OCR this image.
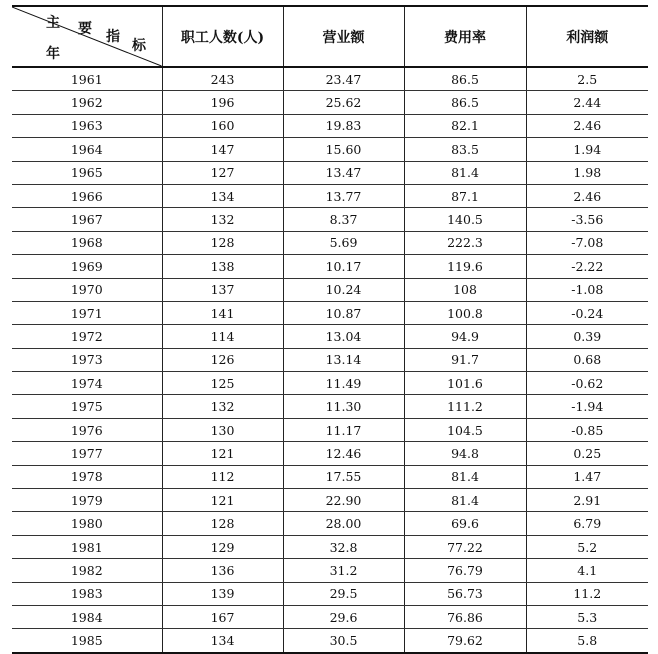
主 要 指
标
年	职工人数(人)	营业额	费用率	利润额
1961	243	23.47	86.5	2.5
1962	196	25.62	86.5	2.44
1963	160	19.83	82.1	2.46
1964	147	15.60	83.5	1.94
1965	127	13.47	81.4	1.98
1966	134	13.77	87.1	2.46
1967	132	8.37	140.5	-3.56
1968	128	5.69	222.3	-7.08
1969	138	10.17	119.6	-2.22
1970	137	10.24	108	-1.08
1971	141	10.87	100.8	-0.24
1972	114	13.04	94.9	0.39
1973	126	13.14	91.7	0.68
1974	125	11.49	101.6	-0.62
1975	132	11.30	111.2	-1.94
1976	130	11.17	104.5	-0.85
1977	121	12.46	94.8	0.25
1978	112	17.55	81.4	1.47
1979	121	22.90	81.4	2.91
1980	128	28.00	69.6	6.79
1981	129	32.8	77.22	5.2
1982	136	31.2	76.79	4.1
1983	139	29.5	56.73	11.2
1984	167	29.6	76.86	5.3
1985	134	30.5	79.62	5.8
